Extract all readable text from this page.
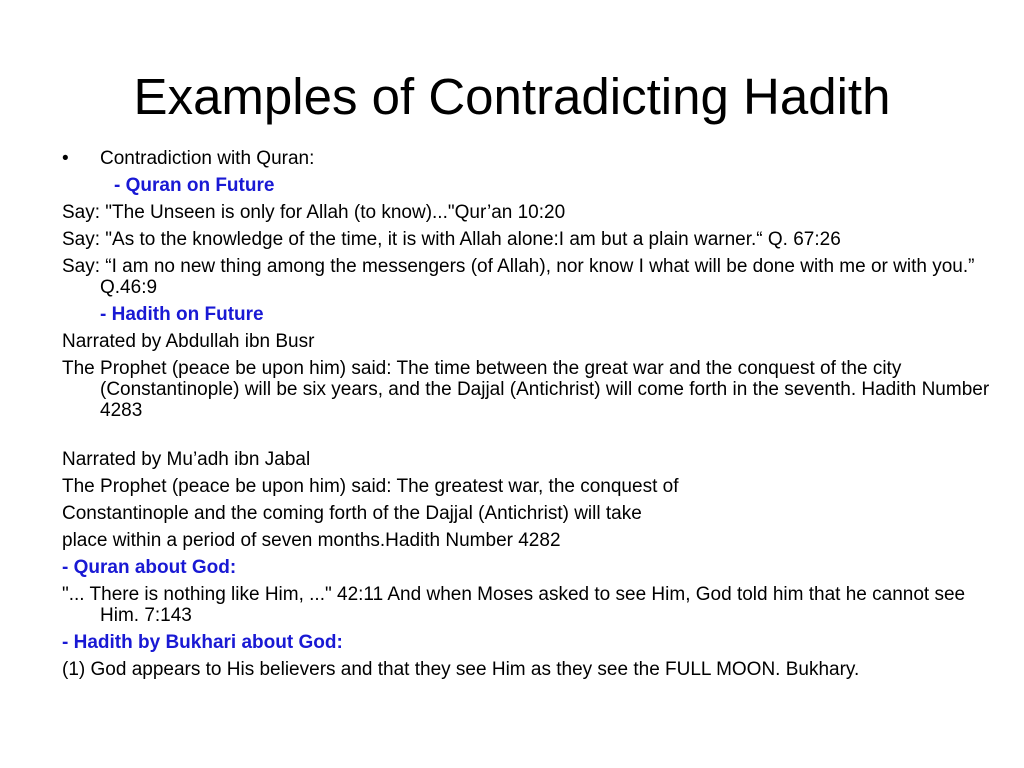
Examples of Contradicting Hadith
•	Contradiction with Quran:
- Quran on Future
Say: "The Unseen is only for Allah (to know)..."Qur’an 10:20
Say: "As to the knowledge of the time, it is with Allah alone:I am but a plain warner.“ Q. 67:26
Say: “I am no new thing among the messengers (of Allah), nor know I what will be done with me or with you.” Q.46:9
- Hadith on Future
Narrated by Abdullah ibn Busr
The Prophet (peace be upon him) said: The time between the great war and the conquest of the city (Constantinople) will be six years, and the Dajjal (Antichrist) will come forth in the seventh. Hadith Number 4283
Narrated by Mu’adh ibn Jabal
The Prophet (peace be upon him) said: The greatest war, the conquest of
Constantinople and the coming forth of the Dajjal (Antichrist) will take
place within a period of seven months.Hadith Number 4282
- Quran about God:
"... There is nothing like Him, ..." 42:11 And when Moses asked to see Him, God told him that he cannot see Him. 7:143
- Hadith by Bukhari about God:
(1) God appears to His believers and that they see Him as they see the FULL MOON. Bukhary.
